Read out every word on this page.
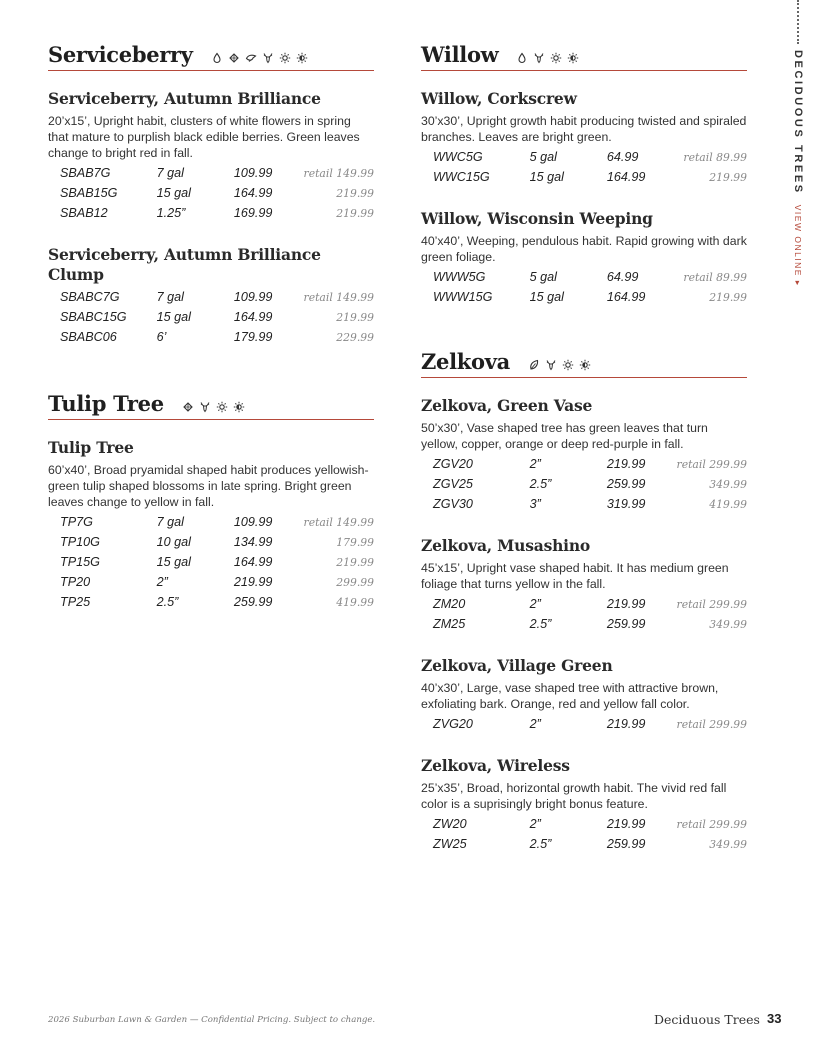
Serviceberry
Serviceberry, Autumn Brilliance

20’x15’, Upright habit, clusters of white flowers in spring that mature to purplish black edible berries. Green leaves change to bright red in fall.

SBAB7G	7 gal	109.99	retail 149.99
SBAB15G	15 gal	164.99	219.99
SBAB12	1.25”	169.99	219.99
Serviceberry, Autumn Brilliance Clump
SBABC7G	7 gal	109.99	retail 149.99
SBABC15G	15 gal	164.99	219.99
SBABC06	6’	179.99	229.99
Tulip Tree
Tulip Tree

60’x40’, Broad pryamidal shaped habit produces yellowish-green tulip shaped blossoms in late spring. Bright green leaves change to yellow in fall.

TP7G	7 gal	109.99	retail 149.99
TP10G	10 gal	134.99	179.99
TP15G	15 gal	164.99	219.99
TP20	2”	219.99	299.99
TP25	2.5”	259.99	419.99
Willow
Willow, Corkscrew

30’x30’, Upright growth habit producing twisted and spiraled branches. Leaves are bright green.

WWC5G	5 gal	64.99	retail 89.99
WWC15G	15 gal	164.99	219.99
Willow, Wisconsin Weeping

40’x40’, Weeping, pendulous habit. Rapid growing with dark green foliage.

WWW5G	5 gal	64.99	retail 89.99
WWW15G	15 gal	164.99	219.99
Zelkova
Zelkova, Green Vase

50’x30’, Vase shaped tree has green leaves that turn yellow, copper, orange or deep red-purple in fall.

ZGV20	2”	219.99	retail 299.99
ZGV25	2.5”	259.99	349.99
ZGV30	3”	319.99	419.99
Zelkova, Musashino

45’x15’, Upright vase shaped habit. It has medium green foliage that turns yellow in the fall.

ZM20	2”	219.99	retail 299.99
ZM25	2.5”	259.99	349.99
Zelkova, Village Green

40’x30’, Large, vase shaped tree with attractive brown, exfoliating bark. Orange, red and yellow fall color.

ZVG20	2”	219.99	retail 299.99
Zelkova, Wireless

25’x35’, Broad, horizontal growth habit. The vivid red fall color is a suprisingly bright bonus feature.

ZW20	2”	219.99	retail 299.99
ZW25	2.5”	259.99	349.99
DECIDUOUS TREES
VIEW ONLINE ▸
2026 Suburban Lawn & Garden — Confidential Pricing. Subject to change.	Deciduous Trees 33
